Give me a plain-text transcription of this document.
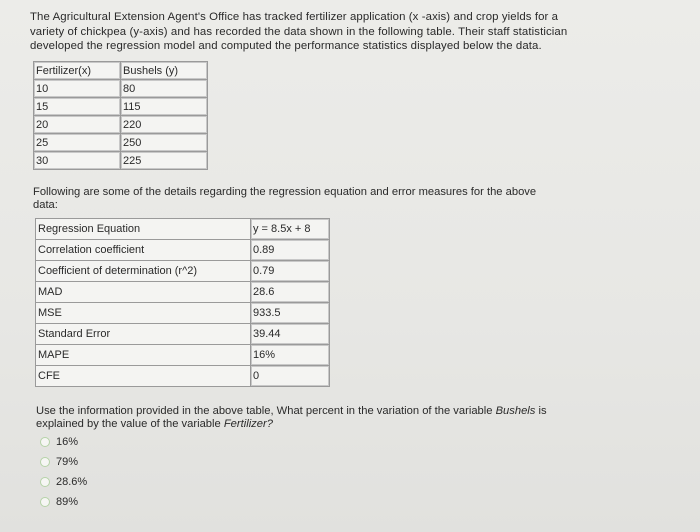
The Agricultural Extension Agent's Office has tracked fertilizer application (x -axis) and crop yields for a
variety of chickpea (y-axis) and has recorded the data shown in the following table. Their staff statistician
developed the regression model and computed the performance statistics displayed below the data.
Fertilizer(x)	Bushels (y)
10	80
15	115
20	220
25	250
30	225
Following are some of the details regarding the regression equation and error measures for the above
data:
Regression Equation	y = 8.5x + 8
Correlation coefficient	0.89
Coefficient of determination (r^2)	0.79
MAD	28.6
MSE	933.5
Standard Error	39.44
MAPE	16%
CFE	0
Use the information provided in the above table, What percent in the variation of the variable Bushels is
explained by the value of the variable Fertilizer?
16%
79%
28.6%
89%
